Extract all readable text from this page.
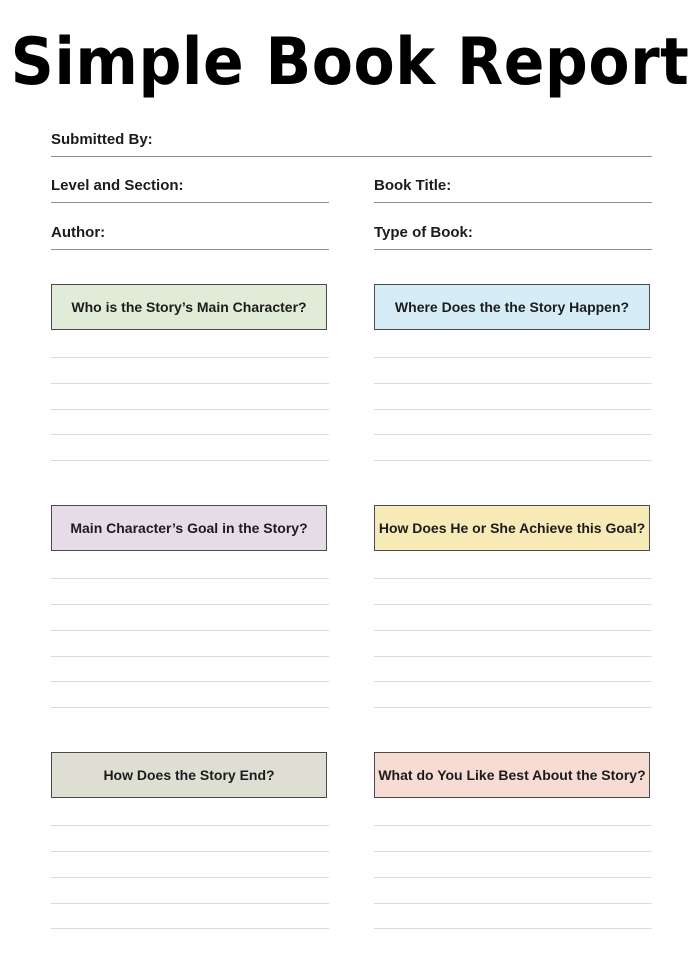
Simple Book Report
Submitted By:
Level and Section:	Book Title:
Author:	Type of Book:
Who is the Story’s Main Character?	Where Does the the Story Happen?
Main Character’s Goal in the Story?	How Does He or She Achieve this Goal?
How Does the Story End?	What do You Like Best About the Story?
